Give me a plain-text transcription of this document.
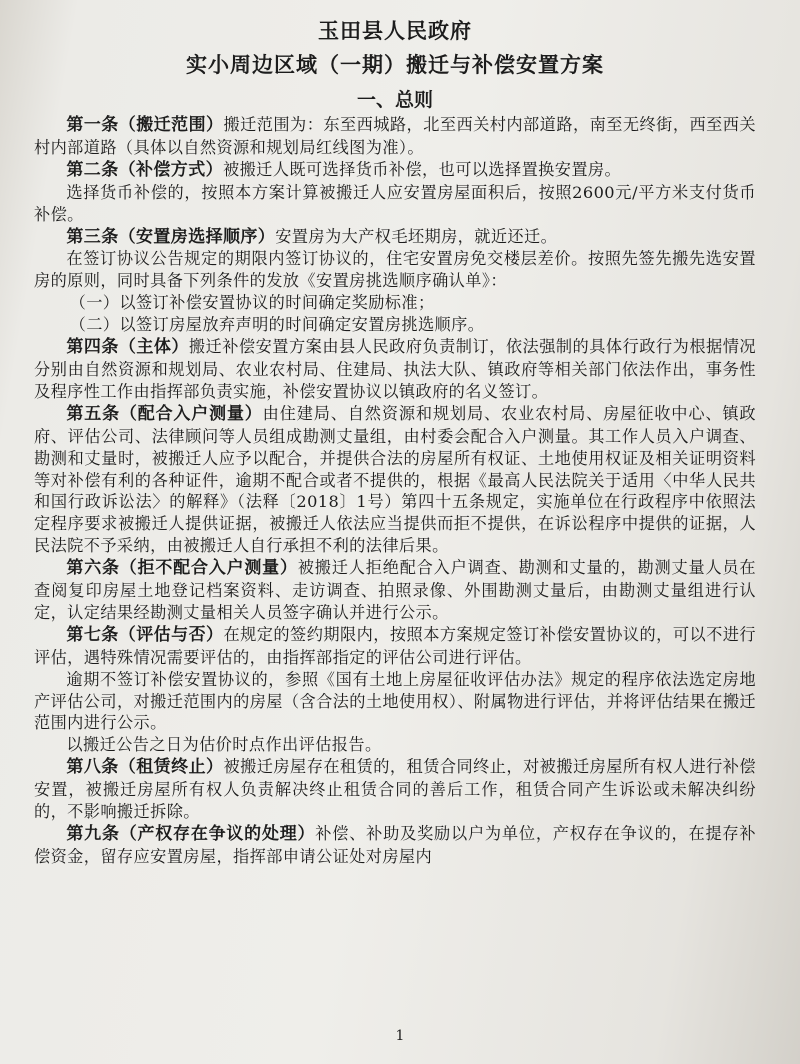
玉田县人民政府

实小周边区域（一期）搬迁与补偿安置方案

一、总则

第一条（搬迁范围）搬迁范围为：东至西城路，北至西关村内部道路，南至无终街，西至西关村内部道路（具体以自然资源和规划局红线图为准）。

第二条（补偿方式）被搬迁人既可选择货币补偿，也可以选择置换安置房。

选择货币补偿的，按照本方案计算被搬迁人应安置房屋面积后，按照2600元/平方米支付货币补偿。

第三条（安置房选择顺序）安置房为大产权毛坯期房，就近还迁。

在签订协议公告规定的期限内签订协议的，住宅安置房免交楼层差价。按照先签先搬先选安置房的原则，同时具备下列条件的发放《安置房挑选顺序确认单》：

（一）以签订补偿安置协议的时间确定奖励标准；

（二）以签订房屋放弃声明的时间确定安置房挑选顺序。

第四条（主体）搬迁补偿安置方案由县人民政府负责制订，依法强制的具体行政行为根据情况分别由自然资源和规划局、农业农村局、住建局、执法大队、镇政府等相关部门依法作出，事务性及程序性工作由指挥部负责实施，补偿安置协议以镇政府的名义签订。

第五条（配合入户测量）由住建局、自然资源和规划局、农业农村局、房屋征收中心、镇政府、评估公司、法律顾问等人员组成勘测丈量组，由村委会配合入户测量。其工作人员入户调查、勘测和丈量时，被搬迁人应予以配合，并提供合法的房屋所有权证、土地使用权证及相关证明资料等对补偿有利的各种证件，逾期不配合或者不提供的，根据《最高人民法院关于适用〈中华人民共和国行政诉讼法〉的解释》（法释〔2018〕1号）第四十五条规定，实施单位在行政程序中依照法定程序要求被搬迁人提供证据，被搬迁人依法应当提供而拒不提供，在诉讼程序中提供的证据，人民法院不予采纳，由被搬迁人自行承担不利的法律后果。

第六条（拒不配合入户测量）被搬迁人拒绝配合入户调查、勘测和丈量的，勘测丈量人员在查阅复印房屋土地登记档案资料、走访调查、拍照录像、外围勘测丈量后，由勘测丈量组进行认定，认定结果经勘测丈量相关人员签字确认并进行公示。

第七条（评估与否）在规定的签约期限内，按照本方案规定签订补偿安置协议的，可以不进行评估，遇特殊情况需要评估的，由指挥部指定的评估公司进行评估。

逾期不签订补偿安置协议的，参照《国有土地上房屋征收评估办法》规定的程序依法选定房地产评估公司，对搬迁范围内的房屋（含合法的土地使用权）、附属物进行评估，并将评估结果在搬迁范围内进行公示。

以搬迁公告之日为估价时点作出评估报告。

第八条（租赁终止）被搬迁房屋存在租赁的，租赁合同终止，对被搬迁房屋所有权人进行补偿安置，被搬迁房屋所有权人负责解决终止租赁合同的善后工作，租赁合同产生诉讼或未解决纠纷的，不影响搬迁拆除。

第九条（产权存在争议的处理）补偿、补助及奖励以户为单位，产权存在争议的，在提存补偿资金，留存应安置房屋，指挥部申请公证处对房屋内

1
